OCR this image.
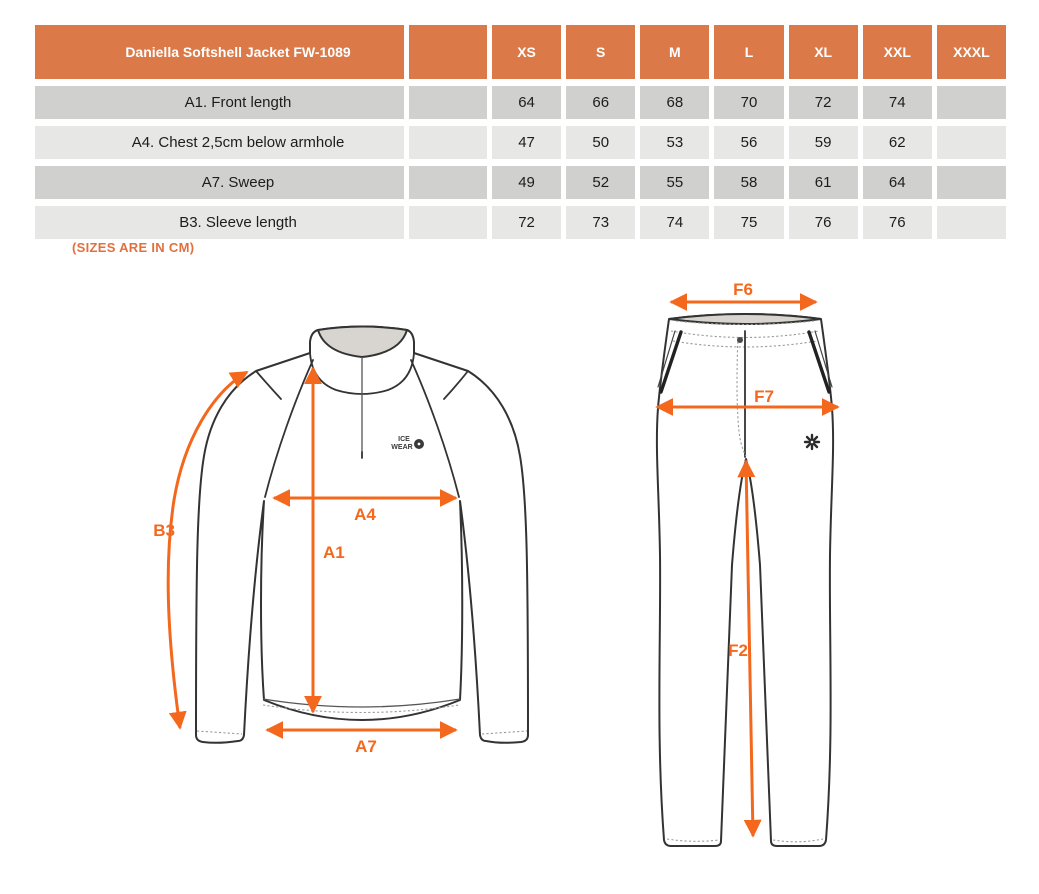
Daniella Softshell Jacket FW-1089		XS	S	M	L	XL	XXL	XXXL
A1. Front length		64	66	68	70	72	74	
A4. Chest 2,5cm below armhole		47	50	53	56	59	62	
A7. Sweep		49	52	55	58	61	64	
B3. Sleeve length		72	73	74	75	76	76	
(SIZES ARE IN CM)
ICE
WEAR
B3
A4
A1
A7
F6
F7
F2
